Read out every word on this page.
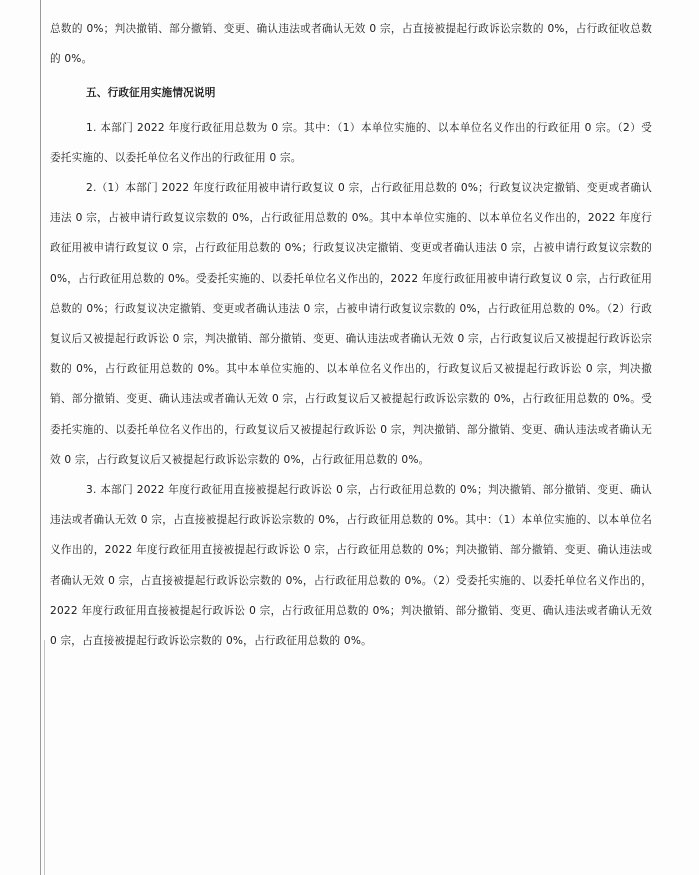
总数的 0%；判决撤销、部分撤销、变更、确认违法或者确认无效 0 宗，占直接被提起行政诉讼宗数的 0%，占行政征收总数的 0%。

五、行政征用实施情况说明

1. 本部门 2022 年度行政征用总数为 0 宗。其中：（1）本单位实施的、以本单位名义作出的行政征用 0 宗。（2）受委托实施的、以委托单位名义作出的行政征用 0 宗。

2.（1）本部门 2022 年度行政征用被申请行政复议 0 宗，占行政征用总数的 0%；行政复议决定撤销、变更或者确认违法 0 宗，占被申请行政复议宗数的 0%，占行政征用总数的 0%。其中本单位实施的、以本单位名义作出的，2022 年度行政征用被申请行政复议 0 宗，占行政征用总数的 0%；行政复议决定撤销、变更或者确认违法 0 宗，占被申请行政复议宗数的 0%，占行政征用总数的 0%。受委托实施的、以委托单位名义作出的，2022 年度行政征用被申请行政复议 0 宗，占行政征用总数的 0%；行政复议决定撤销、变更或者确认违法 0 宗，占被申请行政复议宗数的 0%，占行政征用总数的 0%。（2）行政复议后又被提起行政诉讼 0 宗，判决撤销、部分撤销、变更、确认违法或者确认无效 0 宗，占行政复议后又被提起行政诉讼宗数的 0%，占行政征用总数的 0%。其中本单位实施的、以本单位名义作出的，行政复议后又被提起行政诉讼 0 宗，判决撤销、部分撤销、变更、确认违法或者确认无效 0 宗，占行政复议后又被提起行政诉讼宗数的 0%，占行政征用总数的 0%。受委托实施的、以委托单位名义作出的，行政复议后又被提起行政诉讼 0 宗，判决撤销、部分撤销、变更、确认违法或者确认无效 0 宗，占行政复议后又被提起行政诉讼宗数的 0%，占行政征用总数的 0%。

3. 本部门 2022 年度行政征用直接被提起行政诉讼 0 宗，占行政征用总数的 0%；判决撤销、部分撤销、变更、确认违法或者确认无效 0 宗，占直接被提起行政诉讼宗数的 0%，占行政征用总数的 0%。其中：（1）本单位实施的、以本单位名义作出的，2022 年度行政征用直接被提起行政诉讼 0 宗，占行政征用总数的 0%；判决撤销、部分撤销、变更、确认违法或者确认无效 0 宗，占直接被提起行政诉讼宗数的 0%，占行政征用总数的 0%。（2）受委托实施的、以委托单位名义作出的，2022 年度行政征用直接被提起行政诉讼 0 宗，占行政征用总数的 0%；判决撤销、部分撤销、变更、确认违法或者确认无效 0 宗，占直接被提起行政诉讼宗数的 0%，占行政征用总数的 0%。
